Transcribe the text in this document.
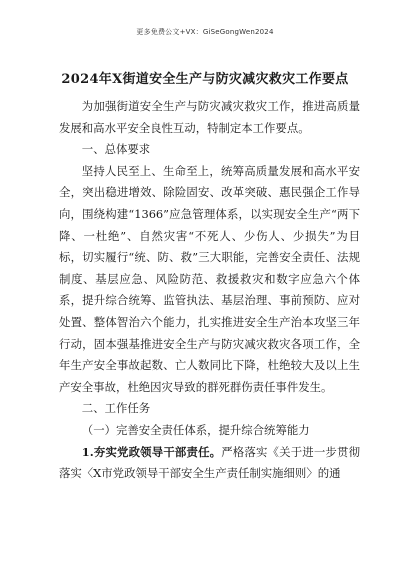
更多免费公文+VX：GiSeGongWen2024
2024年X街道安全生产与防灾减灾救灾工作要点

为加强街道安全生产与防灾减灾救灾工作，推进高质量发展和高水平安全良性互动，特制定本工作要点。

一、总体要求

坚持人民至上、生命至上，统筹高质量发展和高水平安全，突出稳进增效、除险固安、改革突破、惠民强企工作导向，围绕构建“1366”应急管理体系，以实现安全生产“两下降、一杜绝”、自然灾害“不死人、少伤人、少损失”为目标，切实履行“统、防、救”三大职能，完善安全责任、法规制度、基层应急、风险防范、救援救灾和数字应急六个体系，提升综合统筹、监管执法、基层治理、事前预防、应对处置、整体智治六个能力，扎实推进安全生产治本攻坚三年行动，固本强基推进安全生产与防灾减灾救灾各项工作，全年生产安全事故起数、亡人数同比下降，杜绝较大及以上生产安全事故，杜绝因灾导致的群死群伤责任事件发生。

二、工作任务

（一）完善安全责任体系，提升综合统筹能力

1.夯实党政领导干部责任。严格落实《关于进一步贯彻落实〈X市党政领导干部安全生产责任制实施细则〉的通
